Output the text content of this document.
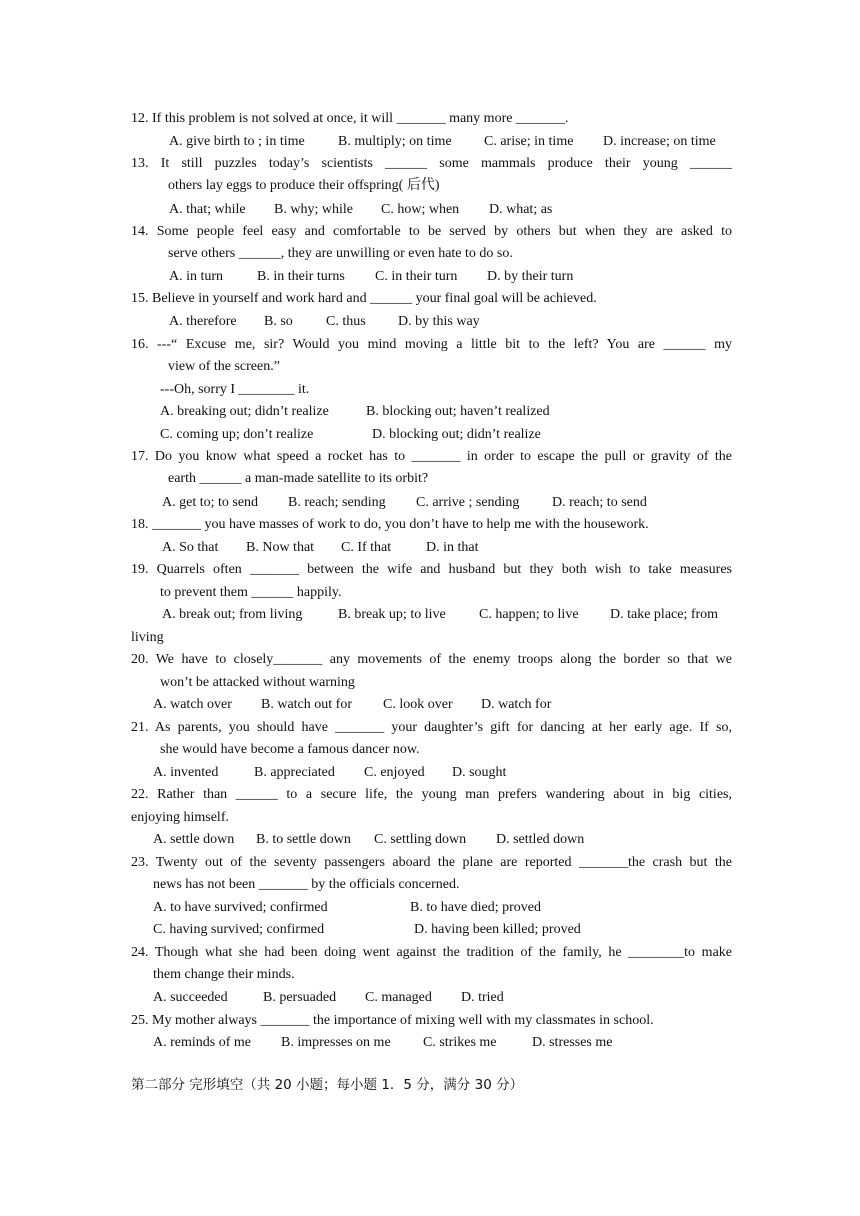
12. If this problem is not solved at once, it will _______ many more _______.
A. give birth to ; in time B. multiply; on time C. arise; in time D. increase; on time
13. It still puzzles today’s scientists ______ some mammals produce their young ______
others lay eggs to produce their offspring( 后代)
A. that; while B. why; while C. how; when D. what; as
14. Some people feel easy and comfortable to be served by others but when they are asked to
serve others ______, they are unwilling or even hate to do so.
A. in turn B. in their turns C. in their turn D. by their turn
15. Believe in yourself and work hard and ______ your final goal will be achieved.
A. therefore B. so C. thus D. by this way
16. ---“ Excuse me, sir? Would you mind moving a little bit to the left? You are ______ my
view of the screen.”
---Oh, sorry I ________ it.
A. breaking out; didn’t realize	B. blocking out; haven’t realized
C. coming up; don’t realize	D. blocking out; didn’t realize
17. Do you know what speed a rocket has to _______ in order to escape the pull or gravity of the
earth ______ a man-made satellite to its orbit?
A. get to; to send B. reach; sending C. arrive ; sending D. reach; to send
18. _______ you have masses of work to do, you don’t have to help me with the housework.
A. So that B. Now that C. If that D. in that
19. Quarrels often _______ between the wife and husband but they both wish to take measures
to prevent them ______ happily.
A. break out; from living	B. break up; to live C. happen; to live D. take place; from
living
20. We have to closely_______ any movements of the enemy troops along the border so that we
won’t be attacked without warning
A. watch over B. watch out for C. look over D. watch for
21. As parents, you should have _______ your daughter’s gift for dancing at her early age. If so,
she would have become a famous dancer now.
A. invented	B. appreciated C. enjoyed D. sought
22. Rather than ______ to a secure life, the young man prefers wandering about in big cities,
enjoying himself.
A. settle down B. to settle down C. settling down D. settled down
23. Twenty out of the seventy passengers aboard the plane are reported _______the crash but the
news has not been _______ by the officials concerned.
A. to have survived; confirmed	B. to have died; proved
C. having survived; confirmed	D. having been killed; proved
24. Though what she had been doing went against the tradition of the family, he ________to make
them change their minds.
A. succeeded	B. persuaded C. managed D. tried
25. My mother always _______ the importance of mixing well with my classmates in school.
A. reminds of me B. impresses on me C. strikes me	D. stresses me
第二部分 完形填空（共 20 小题；每小题 1．5 分，满分 30 分）
